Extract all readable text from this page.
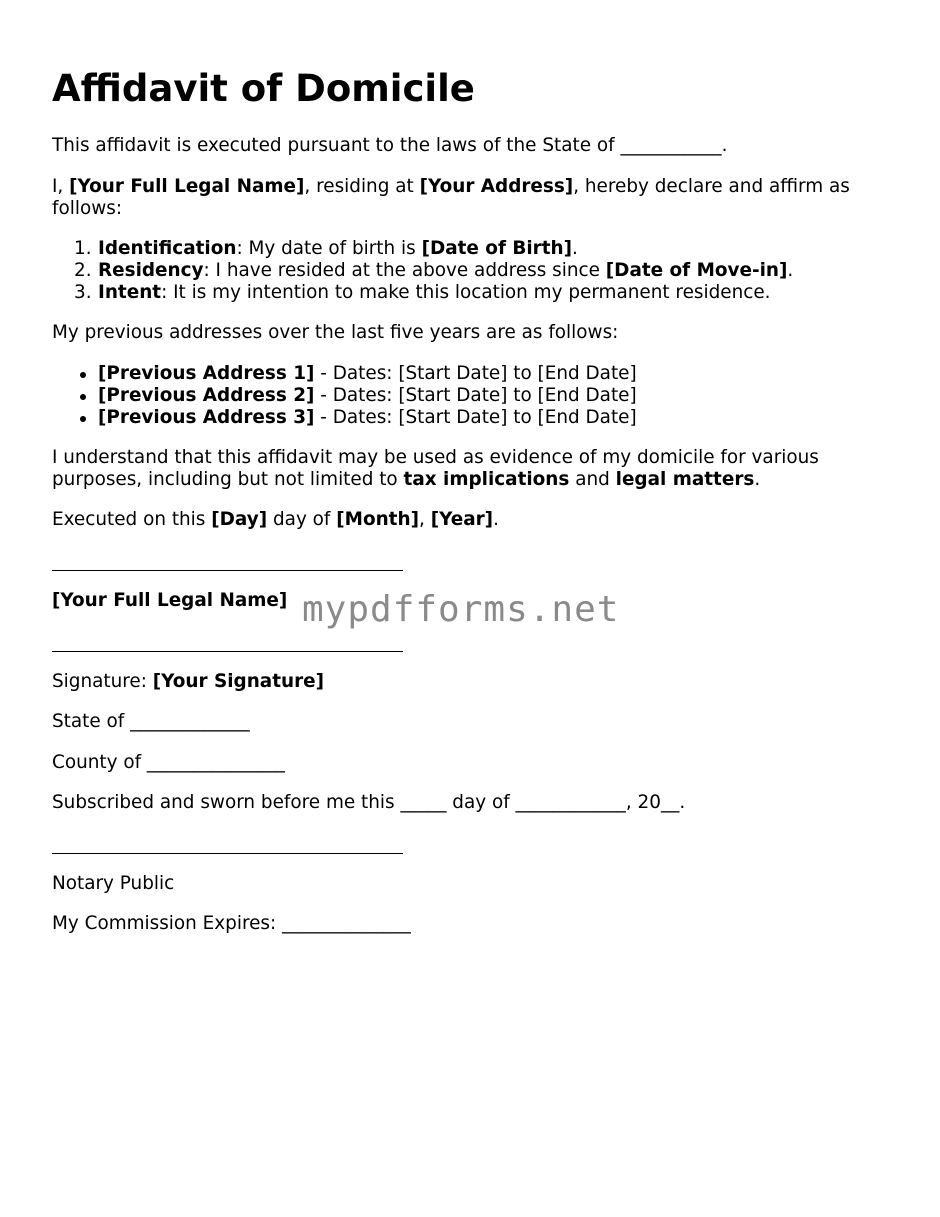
Affidavit of Domicile

This affidavit is executed pursuant to the laws of the State of ___________.

I, [Your Full Legal Name], residing at [Your Address], hereby declare and affirm as follows:

1. Identification: My date of birth is [Date of Birth].
2. Residency: I have resided at the above address since [Date of Move-in].
3. Intent: It is my intention to make this location my permanent residence.

My previous addresses over the last five years are as follows:

[Previous Address 1] - Dates: [Start Date] to [End Date]
[Previous Address 2] - Dates: [Start Date] to [End Date]
[Previous Address 3] - Dates: [Start Date] to [End Date]

I understand that this affidavit may be used as evidence of my domicile for various purposes, including but not limited to tax implications and legal matters.

Executed on this [Day] day of [Month], [Year].

[Your Full Legal Name]

Signature: [Your Signature]

State of _____________

County of _______________

Subscribed and sworn before me this _____ day of ____________, 20__.

Notary Public

My Commission Expires: ______________

mypdfforms.net
